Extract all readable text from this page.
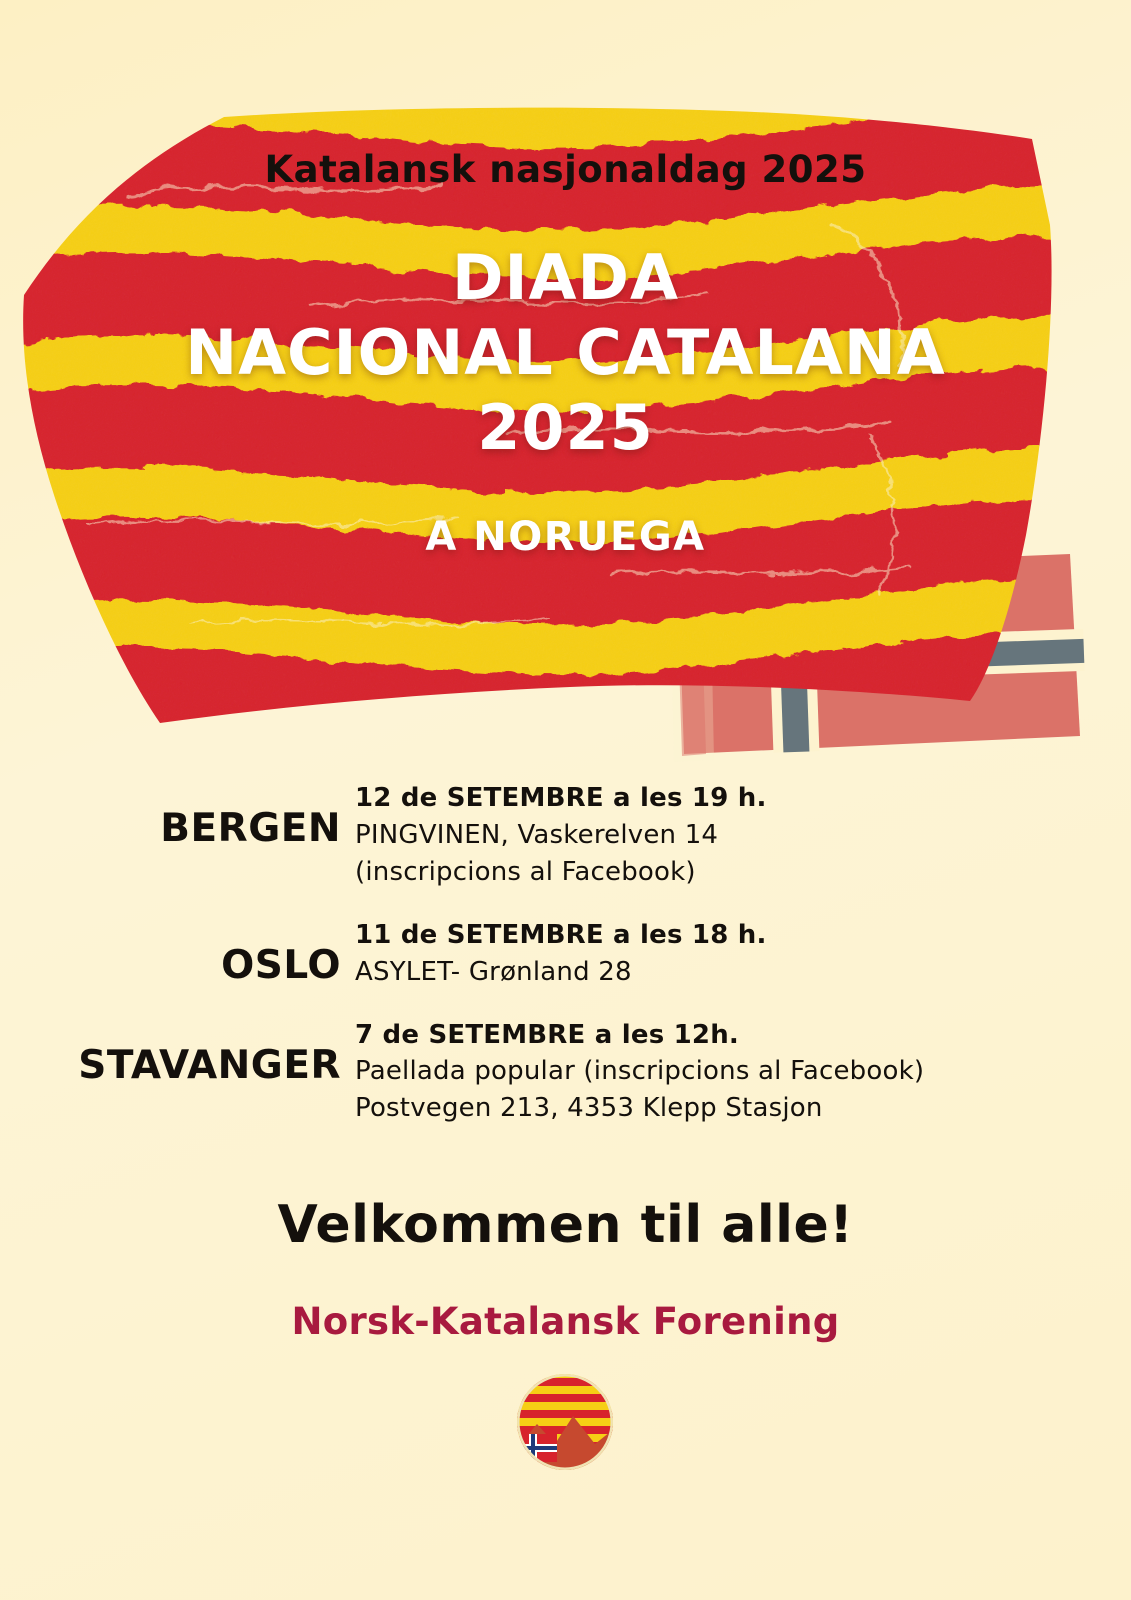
Katalansk nasjonaldag 2025
DIADA
NACIONAL CATALANA
2025
A NORUEGA
BERGEN
12 de SETEMBRE a les 19 h.
PINGVINEN, Vaskerelven 14
(inscripcions al Facebook)
OSLO
11 de SETEMBRE a les 18 h.
ASYLET- Grønland 28
STAVANGER
7 de SETEMBRE a les 12h.
Paellada popular (inscripcions al Facebook)
Postvegen 213, 4353 Klepp Stasjon
Velkommen til alle!
Norsk-Katalansk Forening
